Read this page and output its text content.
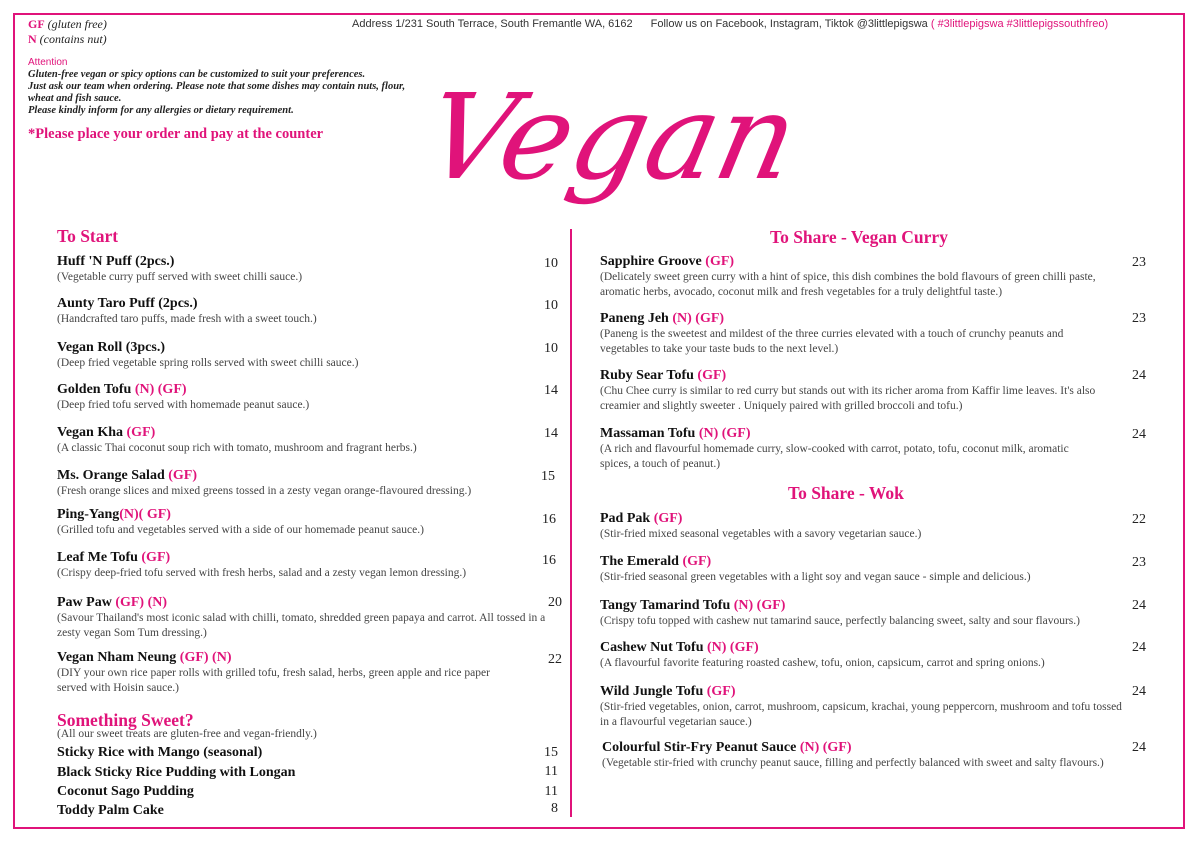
GF (gluten free)
N (contains nut)
Address 1/231 South Terrace, South Fremantle WA, 6162 Follow us on Facebook, Instagram, Tiktok @3littlepigswa ( #3littlepigswa #3littlepigssouthfreo)
Attention
Gluten-free vegan or spicy options can be customized to suit your preferences.
Just ask our team when ordering. Please note that some dishes may contain nuts, flour,
wheat and fish sauce.
Please kindly inform for any allergies or dietary requirement.
*Please place your order and pay at the counter Vegan
To Start
Huff 'N Puff (2pcs.)
(Vegetable curry puff served with sweet chilli sauce.)
10
Aunty Taro Puff (2pcs.)
(Handcrafted taro puffs, made fresh with a sweet touch.)
10
Vegan Roll (3pcs.)
(Deep fried vegetable spring rolls served with sweet chilli sauce.)
10
Golden Tofu (N) (GF)
(Deep fried tofu served with homemade peanut sauce.)
14
Vegan Kha (GF)
(A classic Thai coconut soup rich with tomato, mushroom and fragrant herbs.)
14
Ms. Orange Salad (GF)
(Fresh orange slices and mixed greens tossed in a zesty vegan orange-flavoured dressing.)
15
Ping-Yang(N)( GF)
(Grilled tofu and vegetables served with a side of our homemade peanut sauce.)
16
Leaf Me Tofu (GF)
(Crispy deep-fried tofu served with fresh herbs, salad and a zesty vegan lemon dressing.)
16
Paw Paw (GF) (N)
(Savour Thailand's most iconic salad with chilli, tomato, shredded green papaya and carrot. All tossed in a zesty vegan Som Tum dressing.)
20
Vegan Nham Neung (GF) (N)
(DIY your own rice paper rolls with grilled tofu, fresh salad, herbs, green apple and rice paper served with Hoisin sauce.)
22
Something Sweet?
(All our sweet treats are gluten-free and vegan-friendly.)
Sticky Rice with Mango (seasonal)	15
Black Sticky Rice Pudding with Longan	11
Coconut Sago Pudding	11
Toddy Palm Cake	8
To Share - Vegan Curry
Sapphire Groove (GF)
(Delicately sweet green curry with a hint of spice, this dish combines the bold flavours of green chilli paste, aromatic herbs, avocado, coconut milk and fresh vegetables for a truly delightful taste.)
23
Paneng Jeh (N) (GF)
(Paneng is the sweetest and mildest of the three curries elevated with a touch of crunchy peanuts and vegetables to take your taste buds to the next level.)
23
Ruby Sear Tofu (GF)
(Chu Chee curry is similar to red curry but stands out with its richer aroma from Kaffir lime leaves. It's also creamier and slightly sweeter . Uniquely paired with grilled broccoli and tofu.)
24
Massaman Tofu (N) (GF)
(A rich and flavourful homemade curry, slow-cooked with carrot, potato, tofu, coconut milk, aromatic spices, a touch of peanut.)
24
To Share - Wok
Pad Pak (GF)
(Stir-fried mixed seasonal vegetables with a savory vegetarian sauce.)
22
The Emerald (GF)
(Stir-fried seasonal green vegetables with a light soy and vegan sauce - simple and delicious.)
23
Tangy Tamarind Tofu (N) (GF)
(Crispy tofu topped with cashew nut tamarind sauce, perfectly balancing sweet, salty and sour flavours.)
24
Cashew Nut Tofu (N) (GF)
(A flavourful favorite featuring roasted cashew, tofu, onion, capsicum, carrot and spring onions.)
24
Wild Jungle Tofu (GF)
(Stir-fried vegetables, onion, carrot, mushroom, capsicum, krachai, young peppercorn, mushroom and tofu tossed in a flavourful vegetarian sauce.)
24
Colourful Stir-Fry Peanut Sauce (N) (GF)
(Vegetable stir-fried with crunchy peanut sauce, filling and perfectly balanced with sweet and salty flavours.)
24
